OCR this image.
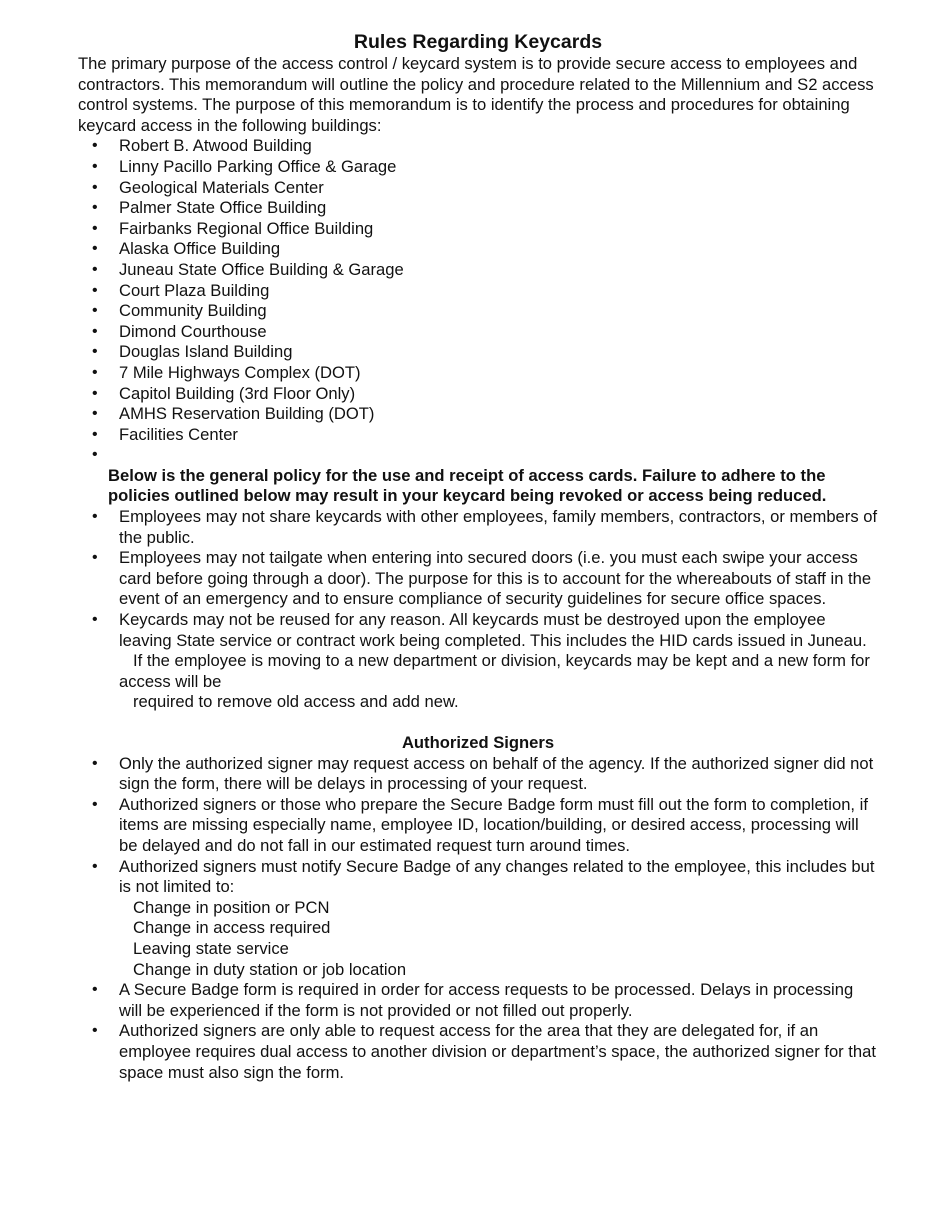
Rules Regarding Keycards

The primary purpose of the access control / keycard system is to provide secure access to employees and contractors. This memorandum will outline the policy and procedure related to the Millennium and S2 access control systems. The purpose of this memorandum is to identify the process and procedures for obtaining keycard access in the following buildings:

• Robert B. Atwood Building
• Linny Pacillo Parking Office & Garage
• Geological Materials Center
• Palmer State Office Building
• Fairbanks Regional Office Building
• Alaska Office Building
• Juneau State Office Building & Garage
• Court Plaza Building
• Community Building
• Dimond Courthouse
• Douglas Island Building
• 7 Mile Highways Complex (DOT)
• Capitol Building (3rd Floor Only)
• AMHS Reservation Building (DOT)
• Facilities Center
•

Below is the general policy for the use and receipt of access cards. Failure to adhere to the policies outlined below may result in your keycard being revoked or access being reduced.

• Employees may not share keycards with other employees, family members, contractors, or members of the public.
• Employees may not tailgate when entering into secured doors (i.e. you must each swipe your access card before going through a door). The purpose for this is to account for the whereabouts of staff in the event of an emergency and to ensure compliance of security guidelines for secure office spaces.
• Keycards may not be reused for any reason. All keycards must be destroyed upon the employee leaving State service or contract work being completed. This includes the HID cards issued in Juneau.
If the employee is moving to a new department or division, keycards may be kept and a new form for access will be
required to remove old access and add new.

Authorized Signers

• Only the authorized signer may request access on behalf of the agency. If the authorized signer did not sign the form, there will be delays in processing of your request.
• Authorized signers or those who prepare the Secure Badge form must fill out the form to completion, if items are missing especially name, employee ID, location/building, or desired access, processing will be delayed and do not fall in our estimated request turn around times.
• Authorized signers must notify Secure Badge of any changes related to the employee, this includes but is not limited to:
Change in position or PCN
Change in access required
Leaving state service
Change in duty station or job location
• A Secure Badge form is required in order for access requests to be processed. Delays in processing will be experienced if the form is not provided or not filled out properly.
• Authorized signers are only able to request access for the area that they are delegated for, if an employee requires dual access to another division or department’s space, the authorized signer for that space must also sign the form.
